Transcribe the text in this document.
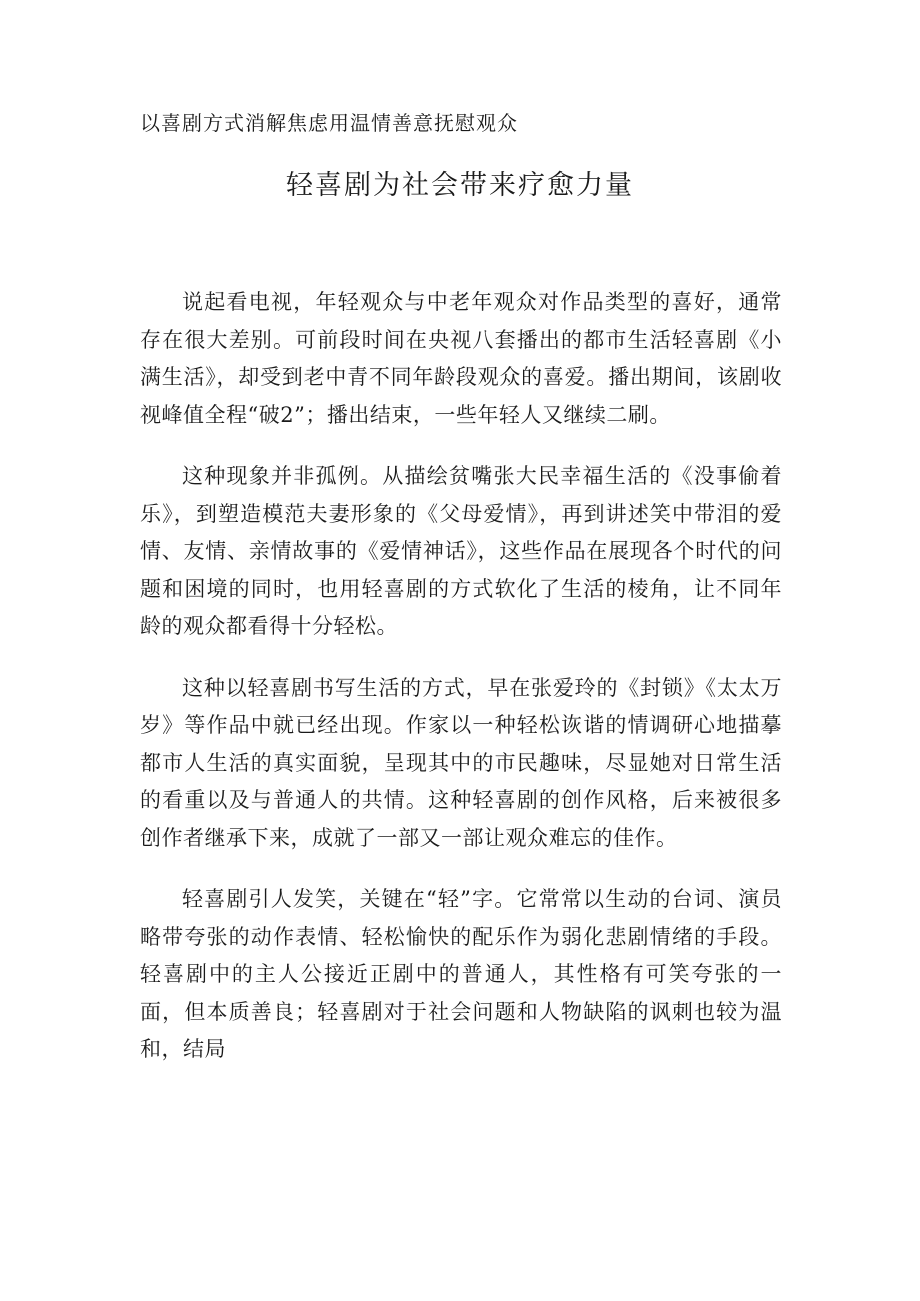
以喜剧方式消解焦虑用温情善意抚慰观众
轻喜剧为社会带来疗愈力量

说起看电视，年轻观众与中老年观众对作品类型的喜好，通常存在很大差别。可前段时间在央视八套播出的都市生活轻喜剧《小满生活》，却受到老中青不同年龄段观众的喜爱。播出期间，该剧收视峰值全程“破2”；播出结束，一些年轻人又继续二刷。

这种现象并非孤例。从描绘贫嘴张大民幸福生活的《没事偷着乐》，到塑造模范夫妻形象的《父母爱情》，再到讲述笑中带泪的爱情、友情、亲情故事的《爱情神话》，这些作品在展现各个时代的问题和困境的同时，也用轻喜剧的方式软化了生活的棱角，让不同年龄的观众都看得十分轻松。

这种以轻喜剧书写生活的方式，早在张爱玲的《封锁》《太太万岁》等作品中就已经出现。作家以一种轻松诙谐的情调研心地描摹都市人生活的真实面貌，呈现其中的市民趣味，尽显她对日常生活的看重以及与普通人的共情。这种轻喜剧的创作风格，后来被很多创作者继承下来，成就了一部又一部让观众难忘的佳作。

轻喜剧引人发笑，关键在“轻”字。它常常以生动的台词、演员略带夸张的动作表情、轻松愉快的配乐作为弱化悲剧情绪的手段。轻喜剧中的主人公接近正剧中的普通人，其性格有可笑夸张的一面，但本质善良；轻喜剧对于社会问题和人物缺陷的讽刺也较为温和，结局
